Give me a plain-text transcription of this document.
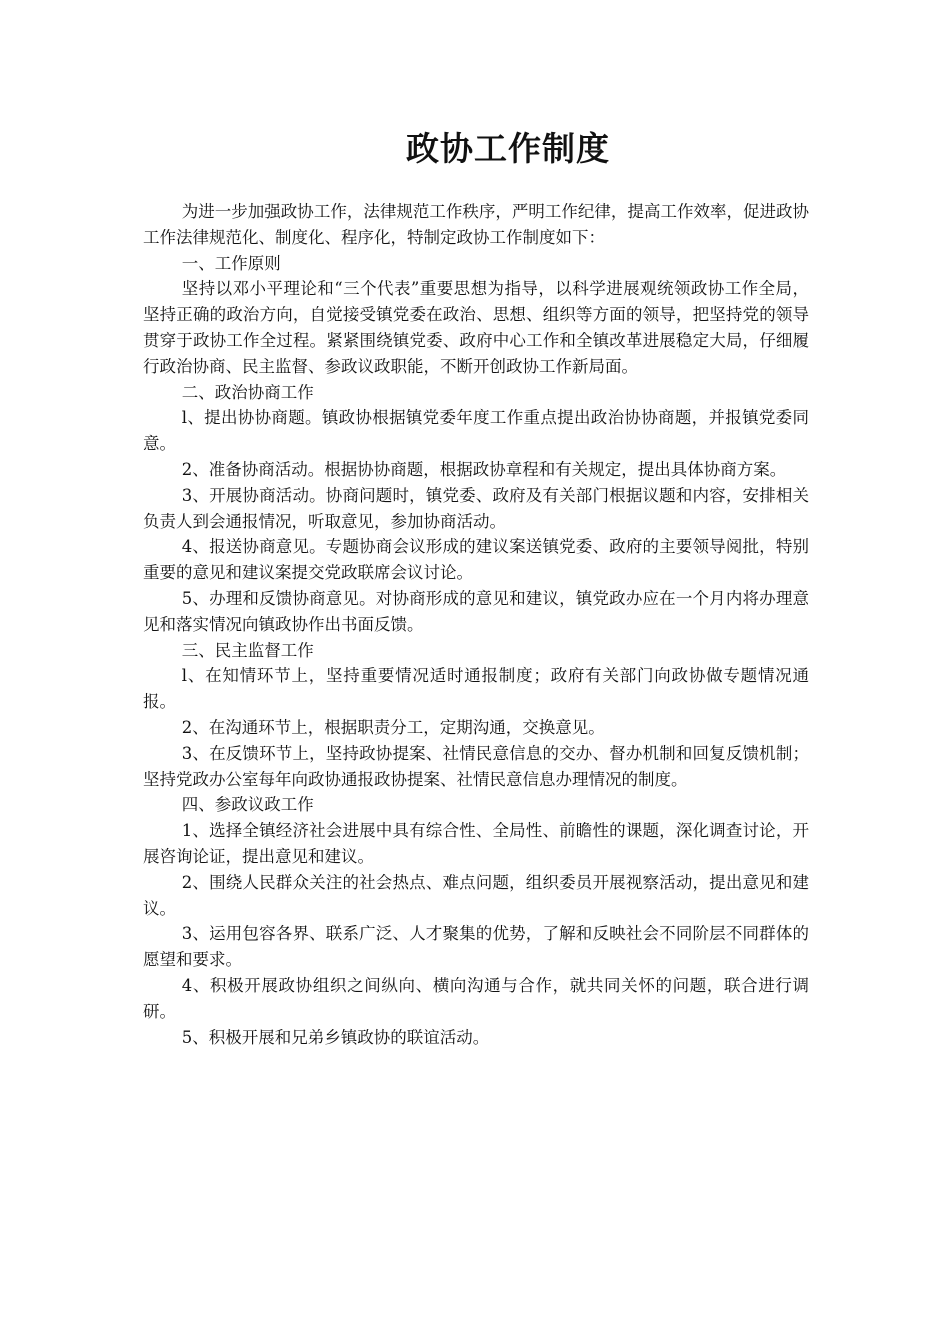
政协工作制度

为进一步加强政协工作，法律规范工作秩序，严明工作纪律，提高工作效率，促进政协工作法律规范化、制度化、程序化，特制定政协工作制度如下：

一、工作原则

坚持以邓小平理论和“三个代表”重要思想为指导，以科学进展观统领政协工作全局，坚持正确的政治方向，自觉接受镇党委在政治、思想、组织等方面的领导，把坚持党的领导贯穿于政协工作全过程。紧紧围绕镇党委、政府中心工作和全镇改革进展稳定大局，仔细履行政治协商、民主监督、参政议政职能，不断开创政协工作新局面。

二、政治协商工作

l、提出协协商题。镇政协根据镇党委年度工作重点提出政治协协商题，并报镇党委同意。

2、准备协商活动。根据协协商题，根据政协章程和有关规定，提出具体协商方案。

3、开展协商活动。协商问题时，镇党委、政府及有关部门根据议题和内容，安排相关负责人到会通报情况，听取意见，参加协商活动。

4、报送协商意见。专题协商会议形成的建议案送镇党委、政府的主要领导阅批，特别重要的意见和建议案提交党政联席会议讨论。

5、办理和反馈协商意见。对协商形成的意见和建议，镇党政办应在一个月内将办理意见和落实情况向镇政协作出书面反馈。

三、民主监督工作

l、在知情环节上，坚持重要情况适时通报制度；政府有关部门向政协做专题情况通报。

2、在沟通环节上，根据职责分工，定期沟通，交换意见。

3、在反馈环节上，坚持政协提案、社情民意信息的交办、督办机制和回复反馈机制；坚持党政办公室每年向政协通报政协提案、社情民意信息办理情况的制度。

四、参政议政工作

1、选择全镇经济社会进展中具有综合性、全局性、前瞻性的课题，深化调查讨论，开展咨询论证，提出意见和建议。

2、围绕人民群众关注的社会热点、难点问题，组织委员开展视察活动，提出意见和建议。

3、运用包容各界、联系广泛、人才聚集的优势，了解和反映社会不同阶层不同群体的愿望和要求。

4、积极开展政协组织之间纵向、横向沟通与合作，就共同关怀的问题，联合进行调研。

5、积极开展和兄弟乡镇政协的联谊活动。
